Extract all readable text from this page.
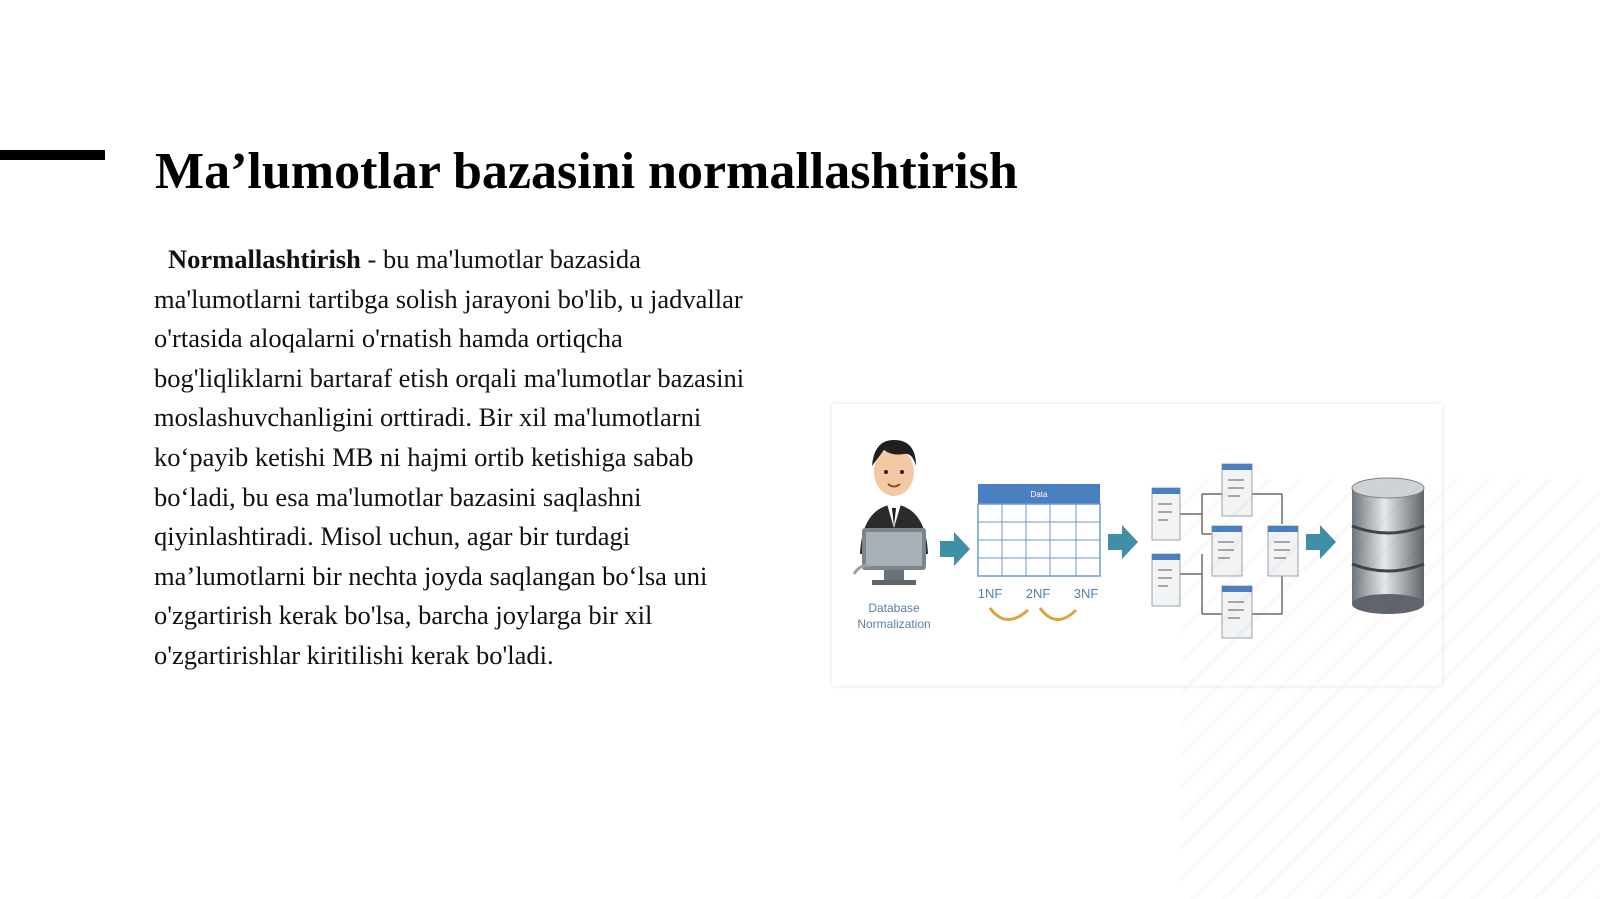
Ma’lumotlar bazasini normallashtirish

Normallashtirish - bu ma'lumotlar bazasida ma'lumotlarni tartibga solish jarayoni bo'lib, u jadvallar o'rtasida aloqalarni o'rnatish hamda ortiqcha bog'liqliklarni bartaraf etish orqali ma'lumotlar bazasini moslashuvchanligini orttiradi. Bir xil ma'lumotlarni ko‘payib ketishi MB ni hajmi ortib ketishiga sabab bo‘ladi, bu esa ma'lumotlar bazasini saqlashni qiyinlashtiradi. Misol uchun, agar bir turdagi ma’lumotlarni bir nechta joyda saqlangan bo‘lsa uni o'zgartirish kerak bo'lsa, barcha joylarga bir xil o'zgartirishlar kiritilishi kerak bo'ladi.

Database
Normalization
Data
1NF 2NF 3NF
